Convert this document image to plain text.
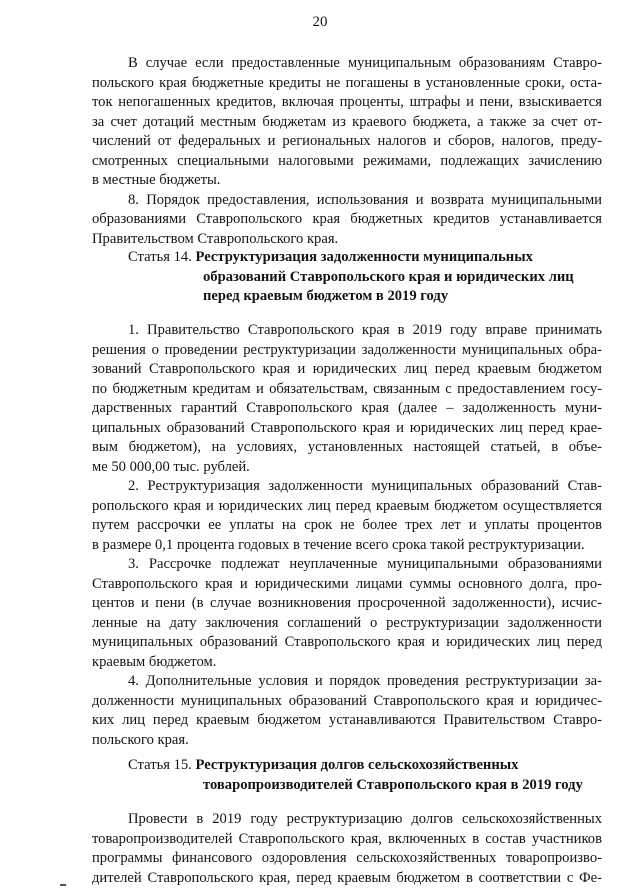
20
В случае если предоставленные муниципальным образованиям Ставро-
польского края бюджетные кредиты не погашены в установленные сроки, оста-
ток непогашенных кредитов, включая проценты, штрафы и пени, взыскивается
за счет дотаций местным бюджетам из краевого бюджета, а также за счет от-
числений от федеральных и региональных налогов и сборов, налогов, преду-
смотренных специальными налоговыми режимами, подлежащих зачислению
в местные бюджеты.
8. Порядок предоставления, использования и возврата муниципальными
образованиями Ставропольского края бюджетных кредитов устанавливается
Правительством Ставропольского края.
Статья 14. Реструктуризация задолженности муниципальных
образований Ставропольского края и юридических лиц
перед краевым бюджетом в 2019 году
1. Правительство Ставропольского края в 2019 году вправе принимать
решения о проведении реструктуризации задолженности муниципальных обра-
зований Ставропольского края и юридических лиц перед краевым бюджетом
по бюджетным кредитам и обязательствам, связанным с предоставлением госу-
дарственных гарантий Ставропольского края (далее – задолженность муни-
ципальных образований Ставропольского края и юридических лиц перед крае-
вым бюджетом), на условиях, установленных настоящей статьей, в объе-
ме 50 000,00 тыс. рублей.
2. Реструктуризация задолженности муниципальных образований Став-
ропольского края и юридических лиц перед краевым бюджетом осуществляется
путем рассрочки ее уплаты на срок не более трех лет и уплаты процентов
в размере 0,1 процента годовых в течение всего срока такой реструктуризации.
3. Рассрочке подлежат неуплаченные муниципальными образованиями
Ставропольского края и юридическими лицами суммы основного долга, про-
центов и пени (в случае возникновения просроченной задолженности), исчис-
ленные на дату заключения соглашений о реструктуризации задолженности
муниципальных образований Ставропольского края и юридических лиц перед
краевым бюджетом.
4. Дополнительные условия и порядок проведения реструктуризации за-
долженности муниципальных образований Ставропольского края и юридичес-
ких лиц перед краевым бюджетом устанавливаются Правительством Ставро-
польского края.
Статья 15. Реструктуризация долгов сельскохозяйственных
товаропроизводителей Ставропольского края в 2019 году
Провести в 2019 году реструктуризацию долгов сельскохозяйственных
товаропроизводителей Ставропольского края, включенных в состав участников
программы финансового оздоровления сельскохозяйственных товаропроизво-
дителей Ставропольского края, перед краевым бюджетом в соответствии с Фе-
